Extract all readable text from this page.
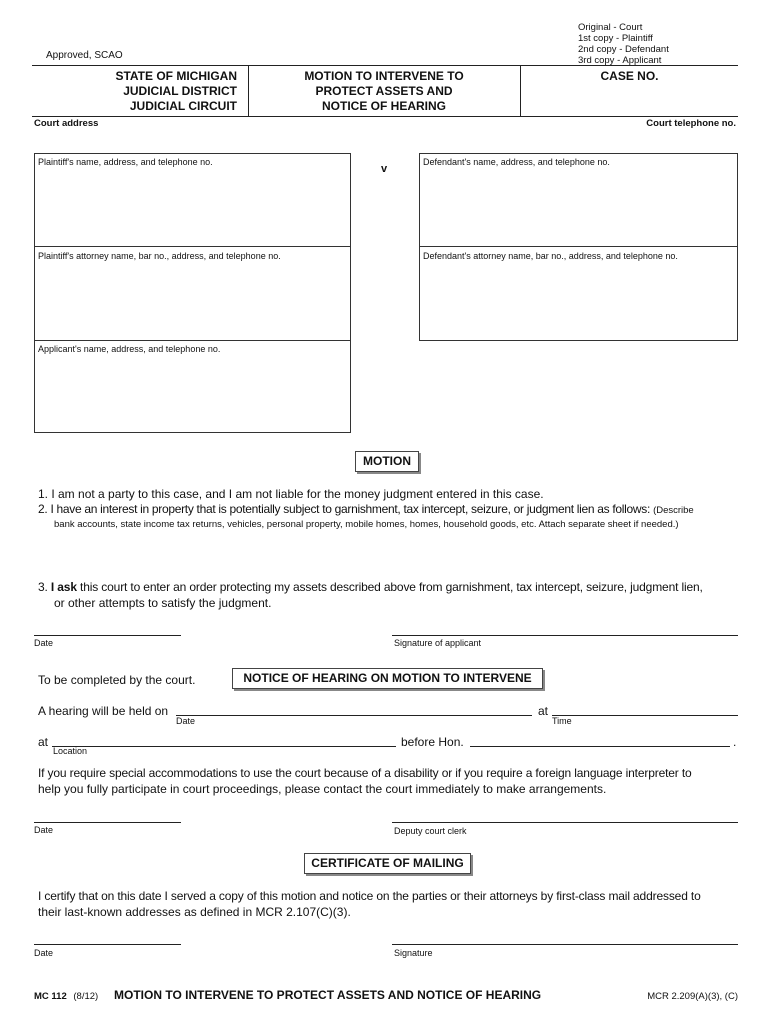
Approved, SCAO
Original - Court
1st copy - Plaintiff
2nd copy - Defendant
3rd copy - Applicant
STATE OF MICHIGAN
JUDICIAL DISTRICT
JUDICIAL CIRCUIT
MOTION TO INTERVENE TO
PROTECT ASSETS AND
NOTICE OF HEARING
CASE NO.
Court address	Court telephone no.
Plaintiff's name, address, and telephone no.
v
Defendant's name, address, and telephone no.
Plaintiff's attorney name, bar no., address, and telephone no.	Defendant's attorney name, bar no., address, and telephone no.
Applicant's name, address, and telephone no.
MOTION
1. I am not a party to this case, and I am not liable for the money judgment entered in this case.
2. I have an interest in property that is potentially subject to garnishment, tax intercept, seizure, or judgment lien as follows: (Describe
bank accounts, state income tax returns, vehicles, personal property, mobile homes, homes, household goods, etc. Attach separate sheet if needed.)
3. I ask this court to enter an order protecting my assets described above from garnishment, tax intercept, seizure, judgment lien,
or other attempts to satisfy the judgment.
Date	Signature of applicant
To be completed by the court.	NOTICE OF HEARING ON MOTION TO INTERVENE
A hearing will be held on
Date
at
Time
at
Location
before Hon.	.
If you require special accommodations to use the court because of a disability or if you require a foreign language interpreter to
help you fully participate in court proceedings, please contact the court immediately to make arrangements.
Date	Deputy court clerk
CERTIFICATE OF MAILING
I certify that on this date I served a copy of this motion and notice on the parties or their attorneys by first-class mail addressed to
their last-known addresses as defined in MCR 2.107(C)(3).
Date	Signature
MC 112 (8/12) MOTION TO INTERVENE TO PROTECT ASSETS AND NOTICE OF HEARING	MCR 2.209(A)(3), (C)
